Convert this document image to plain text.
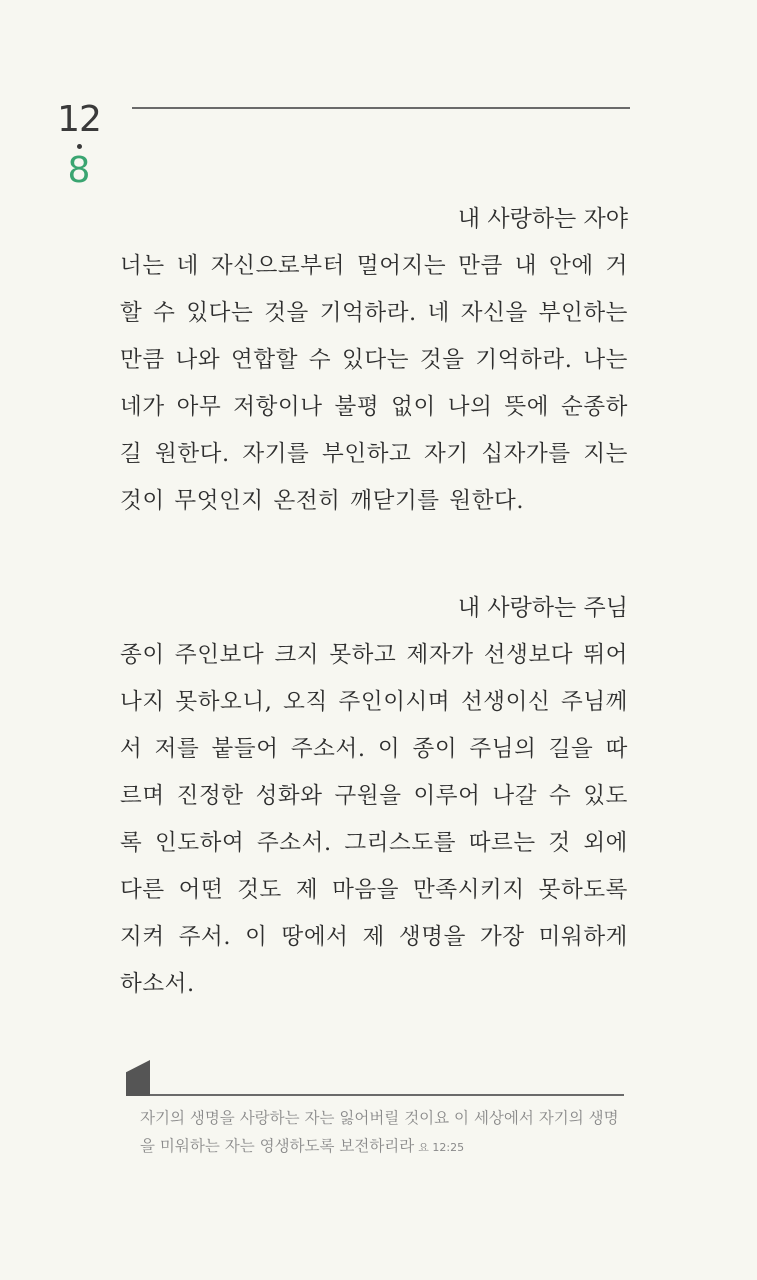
12
8
내 사랑하는 자야
너는 네 자신으로부터 멀어지는 만큼 내 안에 거할 수 있다는 것을 기억하라. 네 자신을 부인하는 만큼 나와 연합할 수 있다는 것을 기억하라. 나는 네가 아무 저항이나 불평 없이 나의 뜻에 순종하길 원한다. 자기를 부인하고 자기 십자가를 지는 것이 무엇인지 온전히 깨닫기를 원한다.
내 사랑하는 주님
종이 주인보다 크지 못하고 제자가 선생보다 뛰어나지 못하오니, 오직 주인이시며 선생이신 주님께서 저를 붙들어 주소서. 이 종이 주님의 길을 따르며 진정한 성화와 구원을 이루어 나갈 수 있도록 인도하여 주소서. 그리스도를 따르는 것 외에 다른 어떤 것도 제 마음을 만족시키지 못하도록 지켜 주서. 이 땅에서 제 생명을 가장 미워하게 하소서.
자기의 생명을 사랑하는 자는 잃어버릴 것이요 이 세상에서 자기의 생명을 미워하는 자는 영생하도록 보전하리라 요 12:25
